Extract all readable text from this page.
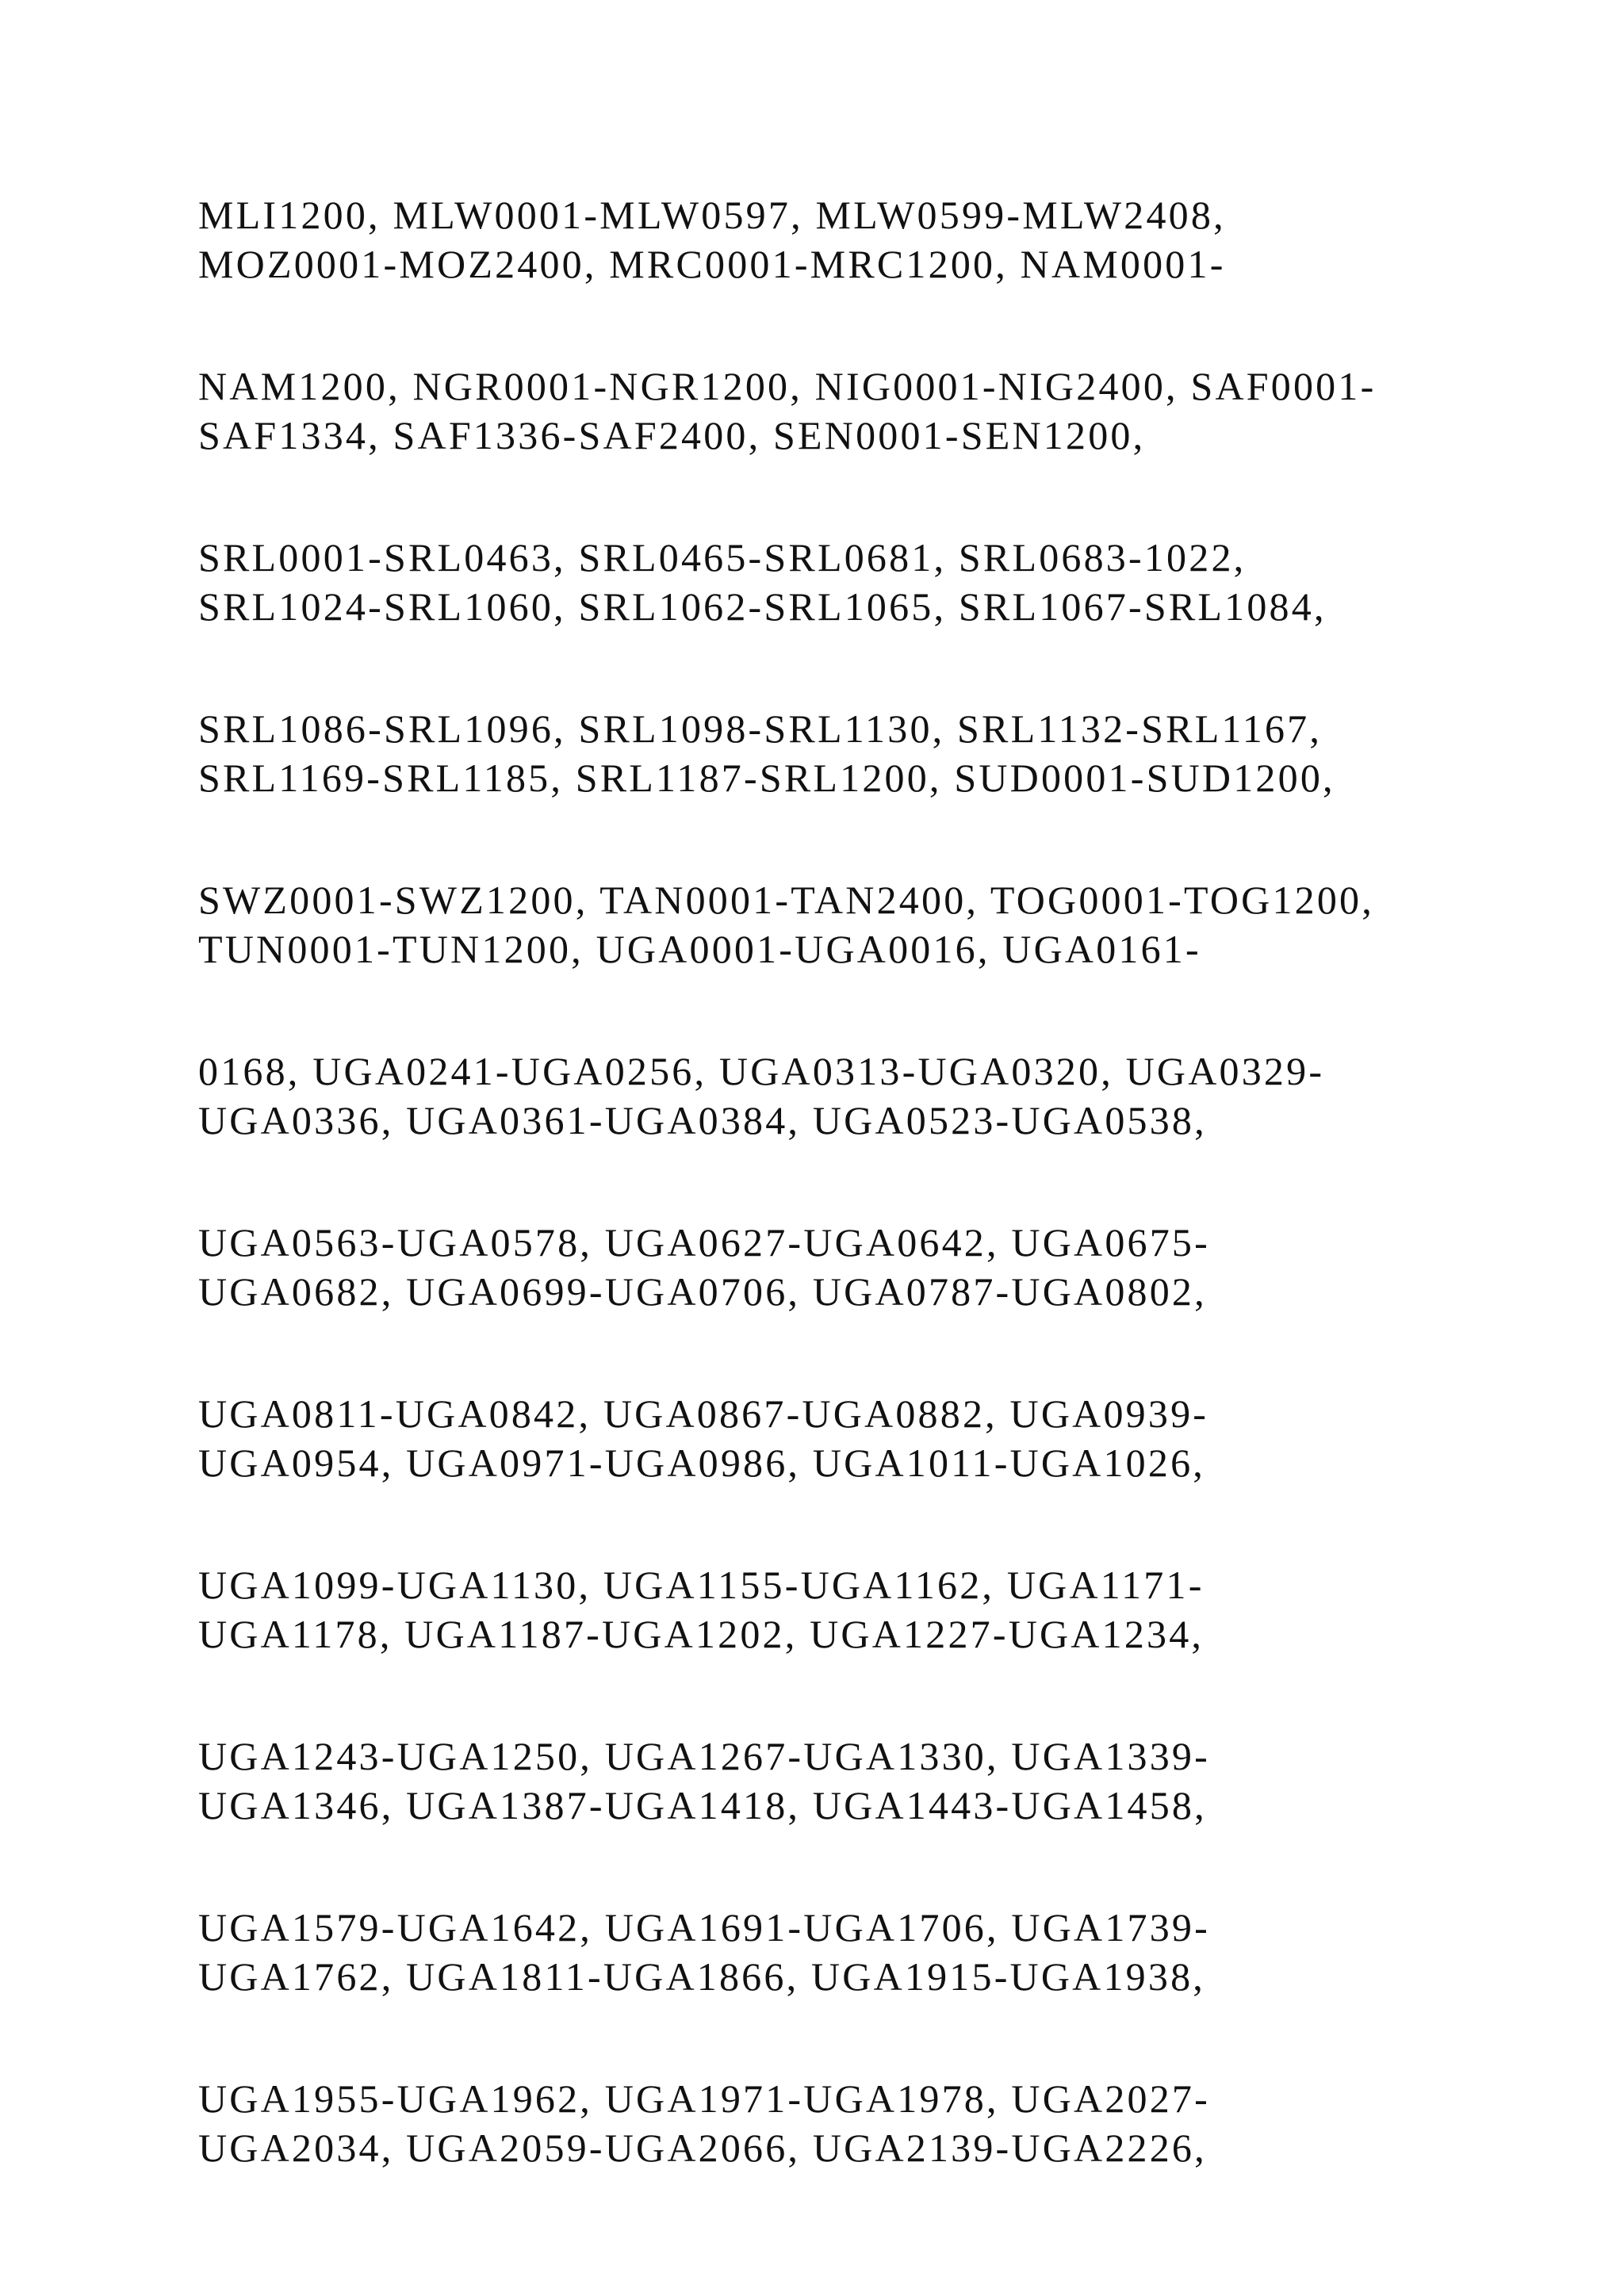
MLI1200, MLW0001-MLW0597, MLW0599-MLW2408,
MOZ0001-MOZ2400, MRC0001-MRC1200, NAM0001-
NAM1200, NGR0001-NGR1200, NIG0001-NIG2400, SAF0001-
SAF1334, SAF1336-SAF2400, SEN0001-SEN1200,
SRL0001-SRL0463, SRL0465-SRL0681, SRL0683-1022,
SRL1024-SRL1060, SRL1062-SRL1065, SRL1067-SRL1084,
SRL1086-SRL1096, SRL1098-SRL1130, SRL1132-SRL1167,
SRL1169-SRL1185, SRL1187-SRL1200, SUD0001-SUD1200,
SWZ0001-SWZ1200, TAN0001-TAN2400, TOG0001-TOG1200,
TUN0001-TUN1200, UGA0001-UGA0016, UGA0161-
0168, UGA0241-UGA0256, UGA0313-UGA0320, UGA0329-
UGA0336, UGA0361-UGA0384, UGA0523-UGA0538,
UGA0563-UGA0578, UGA0627-UGA0642, UGA0675-
UGA0682, UGA0699-UGA0706, UGA0787-UGA0802,
UGA0811-UGA0842, UGA0867-UGA0882, UGA0939-
UGA0954, UGA0971-UGA0986, UGA1011-UGA1026,
UGA1099-UGA1130, UGA1155-UGA1162, UGA1171-
UGA1178, UGA1187-UGA1202, UGA1227-UGA1234,
UGA1243-UGA1250, UGA1267-UGA1330, UGA1339-
UGA1346, UGA1387-UGA1418, UGA1443-UGA1458,
UGA1579-UGA1642, UGA1691-UGA1706, UGA1739-
UGA1762, UGA1811-UGA1866, UGA1915-UGA1938,
UGA1955-UGA1962, UGA1971-UGA1978, UGA2027-
UGA2034, UGA2059-UGA2066, UGA2139-UGA2226,
